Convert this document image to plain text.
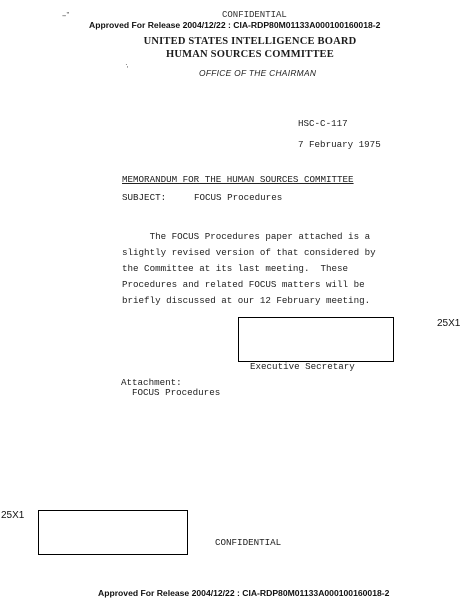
-- ”	CONFIDENTIAL
Approved For Release 2004/12/22 : CIA-RDP80M01133A000100160018-2
UNITED STATES INTELLIGENCE BOARD
HUMAN SOURCES COMMITTEE
OFFICE OF THE CHAIRMAN
·‚
HSC-C-117
7 February 1975
MEMORANDUM FOR THE HUMAN SOURCES COMMITTEE
SUBJECT:	FOCUS Procedures
The FOCUS Procedures paper attached is a
slightly revised version of that considered by
the Committee at its last meeting.  These
Procedures and related FOCUS matters will be
briefly discussed at our 12 February meeting.
25X1
Executive Secretary
Attachment:
FOCUS Procedures
25X1
CONFIDENTIAL
Approved For Release 2004/12/22 : CIA-RDP80M01133A000100160018-2
